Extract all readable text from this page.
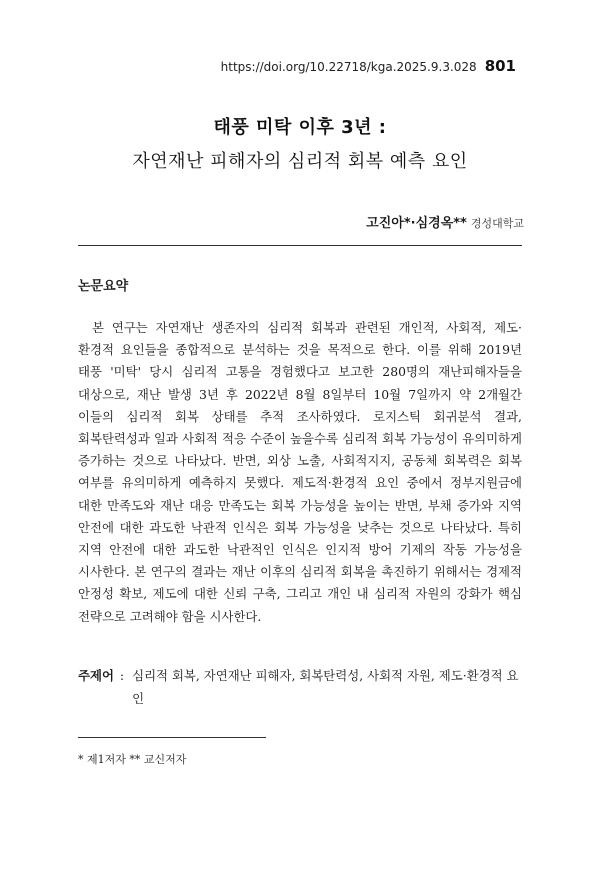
https://doi.org/10.22718/kga.2025.9.3.028 801
태풍 미탁 이후 3년 :
자연재난 피해자의 심리적 회복 예측 요인
고진아*·심경옥** 경성대학교
논문요약

본 연구는 자연재난 생존자의 심리적 회복과 관련된 개인적, 사회적, 제도·환경적 요인들을 종합적으로 분석하는 것을 목적으로 한다. 이를 위해 2019년 태풍 '미탁' 당시 심리적 고통을 경험했다고 보고한 280명의 재난피해자들을 대상으로, 재난 발생 3년 후 2022년 8월 8일부터 10월 7일까지 약 2개월간 이들의 심리적 회복 상태를 추적 조사하였다. 로지스틱 회귀분석 결과, 회복탄력성과 일과 사회적 적응 수준이 높을수록 심리적 회복 가능성이 유의미하게 증가하는 것으로 나타났다. 반면, 외상 노출, 사회적지지, 공동체 회복력은 회복 여부를 유의미하게 예측하지 못했다. 제도적·환경적 요인 중에서 정부지원금에 대한 만족도와 재난 대응 만족도는 회복 가능성을 높이는 반면, 부채 증가와 지역 안전에 대한 과도한 낙관적 인식은 회복 가능성을 낮추는 것으로 나타났다. 특히 지역 안전에 대한 과도한 낙관적인 인식은 인지적 방어 기제의 작동 가능성을 시사한다. 본 연구의 결과는 재난 이후의 심리적 회복을 촉진하기 위해서는 경제적 안정성 확보, 제도에 대한 신뢰 구축, 그리고 개인 내 심리적 자원의 강화가 핵심 전략으로 고려해야 함을 시사한다.

주제어 : 심리적 회복, 자연재난 피해자, 회복탄력성, 사회적 자원, 제도·환경적 요인
* 제1저자 ** 교신저자
